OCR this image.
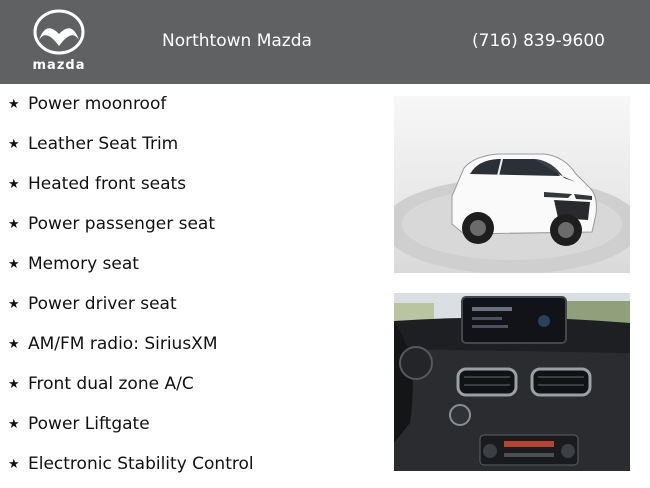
mazda
Northtown Mazda	(716) 839-9600
★ Power moonroof
★ Leather Seat Trim
★ Heated front seats
★ Power passenger seat
★ Memory seat
★ Power driver seat
★ AM/FM radio: SiriusXM
★ Front dual zone A/C
★ Power Liftgate
★ Electronic Stability Control
